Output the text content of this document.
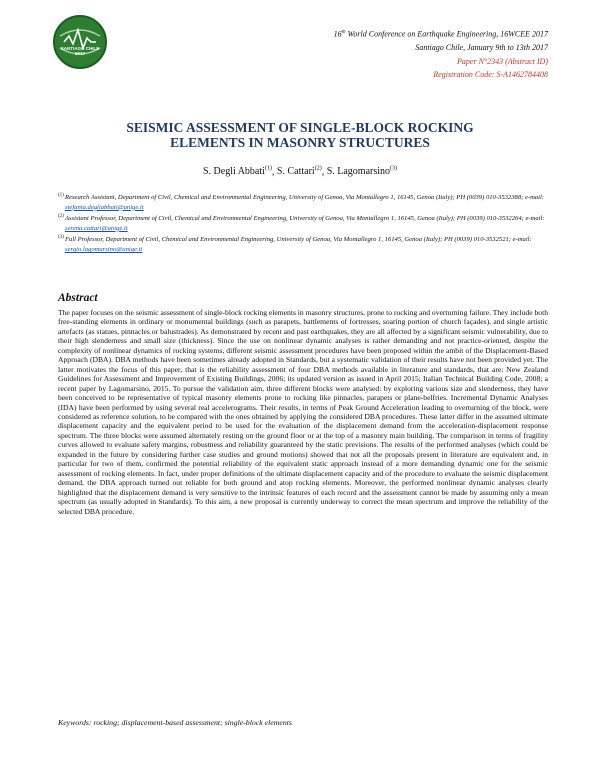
SANTIAGO CHILE 2017
16th World Conference on Earthquake Engineering, 16WCEE 2017
Santiago Chile, January 9th to 13th 2017
Paper N°2343 (Abstract ID)
Registration Code: S-A1462784408
SEISMIC ASSESSMENT OF SINGLE-BLOCK ROCKING ELEMENTS IN MASONRY STRUCTURES
S. Degli Abbati$^{(1)}$, S. Cattari$^{(2)}$, S. Lagomarsino$^{(3)}$
(1) Research Assistant, Department of Civil, Chemical and Environmental Engineering, University of Genoa, Via Montallegro 1, 16145, Genoa (Italy); PH (0039) 010-3532388; e-mail: stefania.degliabbati@unige.it
(2) Assistant Professor, Department of Civil, Chemical and Environmental Engineering, University of Genoa, Via Montallegro 1, 16145, Genoa (Italy); PH (0039) 010-3532264; e-mail: serena.cattari@unige.it
(3) Full Professor, Department of Civil, Chemical and Environmental Engineering, University of Genoa, Via Montallegro 1, 16145, Genoa (Italy); PH (0039) 010-3532521; e-mail: sergio.lagomarsino@unige.it
Abstract
The paper focuses on the seismic assessment of single-block rocking elements in masonry structures, prone to rocking and overturning failure. They include both free-standing elements in ordinary or monumental buildings (such as parapets, battlements of fortresses, soaring portion of church façades), and single artistic artefacts (as statues, pinnacles or balustrades). As demonstrated by recent and past earthquakes, they are all affected by a significant seismic vulnerability, due to their high slenderness and small size (thickness). Since the use on nonlinear dynamic analyses is rather demanding and not practice-oriented, despite the complexity of nonlinear dynamics of rocking systems, different seismic assessment procedures have been proposed within the ambit of the Displacement-Based Approach (DBA). DBA methods have been sometimes already adopted in Standards, but a systematic validation of their results have not been provided yet. The latter motivates the focus of this paper, that is the reliability assessment of four DBA methods available in literature and standards, that are: New Zealand Guidelines for Assessment and Improvement of Existing Buildings, 2006; its updated version as issued in April 2015; Italian Technical Building Code, 2008; a recent paper by Lagomarsino, 2015. To pursue the validation aim, three different blocks were analysed: by exploring various size and slenderness, they have been conceived to be representative of typical masonry elements prone to rocking like pinnacles, parapets or plane-belfries. Incremental Dynamic Analyses (IDA) have been performed by using several real accelerograms. Their results, in terms of Peak Ground Acceleration leading to overturning of the block, were considered as reference solution, to be compared with the ones obtained by applying the considered DBA procedures. These latter differ in the assumed ultimate displacement capacity and the equivalent period to be used for the evaluation of the displacement demand from the acceleration-displacement response spectrum. The three blocks were assumed alternately resting on the ground floor or at the top of a masonry main building. The comparison in terms of fragility curves allowed to evaluate safety margins, robustness and reliability guaranteed by the static previsions. The results of the performed analyses (which could be expanded in the future by considering further case studies and ground motions) showed that not all the proposals present in literature are equivalent and, in particular for two of them, confirmed the potential reliability of the equivalent static approach instead of a more demanding dynamic one for the seismic assessment of rocking elements. In fact, under proper definitions of the ultimate displacement capacity and of the procedure to evaluate the seismic displacement demand, the DBA approach turned out reliable for both ground and atop rocking elements. Moreover, the performed nonlinear dynamic analyses clearly highlighted that the displacement demand is very sensitive to the intrinsic features of each record and the assessment cannot be made by assuming only a mean spectrum (as usually adopted in Standards). To this aim, a new proposal is currently underway to correct the mean spectrum and improve the reliability of the selected DBA procedure.
Keywords: rocking; displacement-based assessment; single-block elements
